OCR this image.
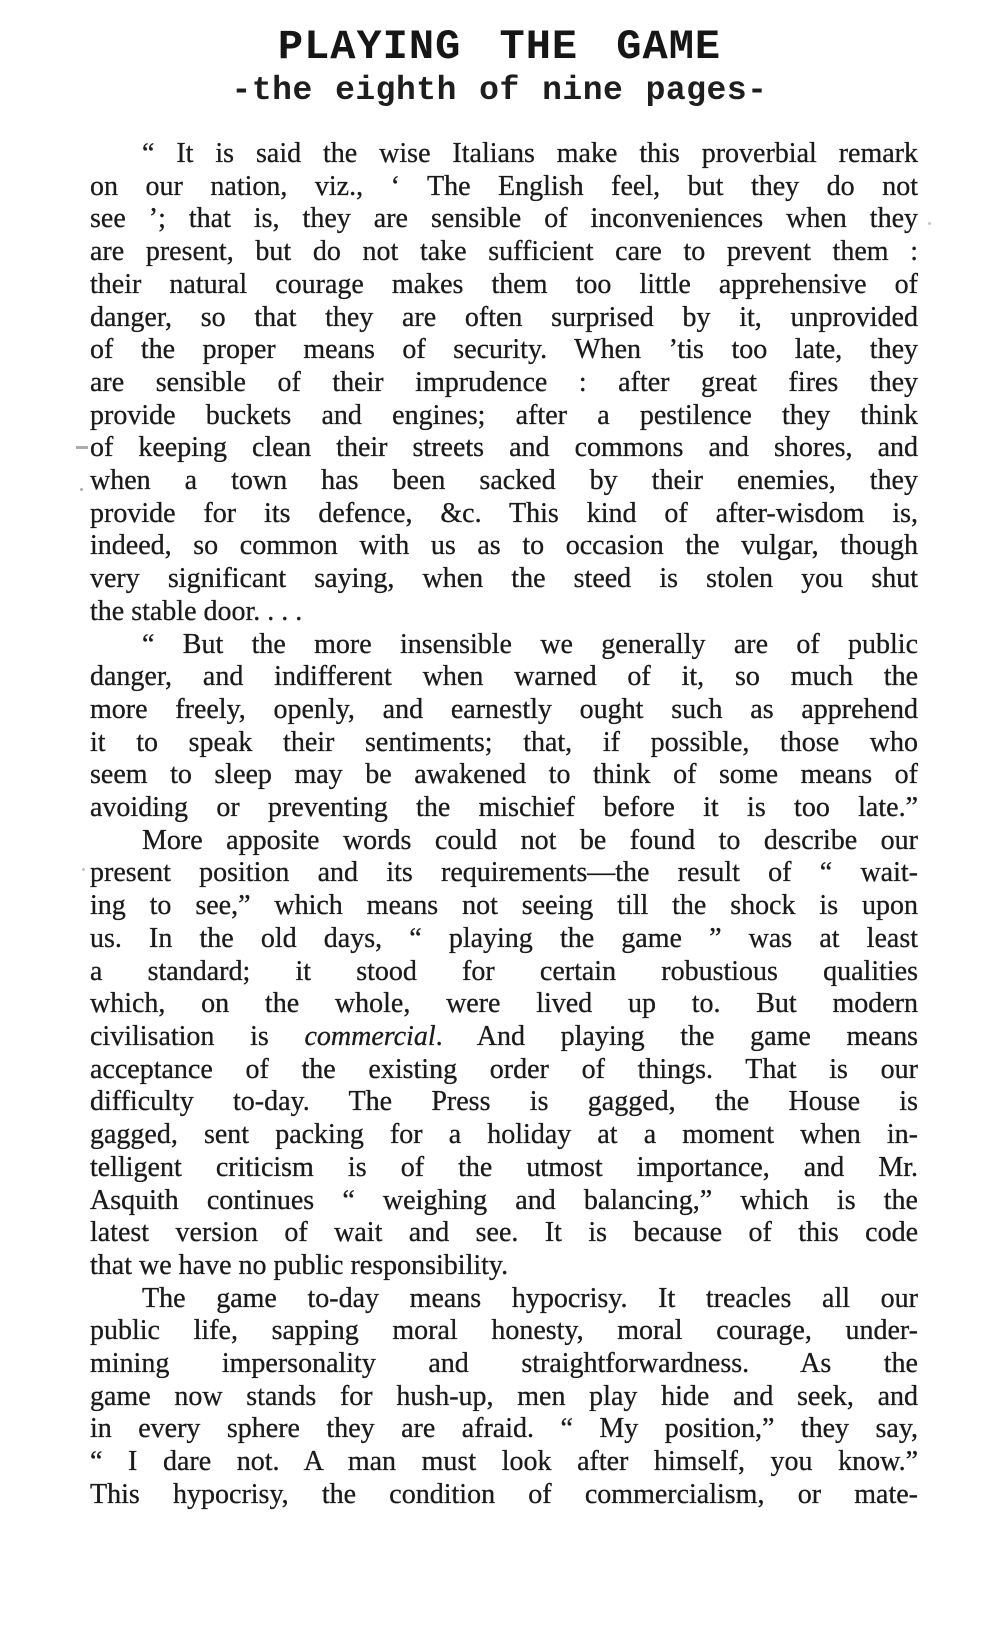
PLAYING THE GAME
-the eighth of nine pages-
“ It is said the wise Italians make this proverbial remark
on our nation, viz., ‘ The English feel, but they do not
see ’; that is, they are sensible of inconveniences when they
are present, but do not take sufficient care to prevent them :
their natural courage makes them too little apprehensive of
danger, so that they are often surprised by it, unprovided
of the proper means of security. When ’tis too late, they
are sensible of their imprudence : after great fires they
provide buckets and engines; after a pestilence they think
of keeping clean their streets and commons and shores, and
when a town has been sacked by their enemies, they
provide for its defence, &c. This kind of after-wisdom is,
indeed, so common with us as to occasion the vulgar, though
very significant saying, when the steed is stolen you shut
the stable door. . . .
“ But the more insensible we generally are of public
danger, and indifferent when warned of it, so much the
more freely, openly, and earnestly ought such as apprehend
it to speak their sentiments; that, if possible, those who
seem to sleep may be awakened to think of some means of
avoiding or preventing the mischief before it is too late.”
More apposite words could not be found to describe our
present position and its requirements—the result of “ wait-
ing to see,” which means not seeing till the shock is upon
us. In the old days, “ playing the game ” was at least
a standard; it stood for certain robustious qualities
which, on the whole, were lived up to. But modern
civilisation is commercial. And playing the game means
acceptance of the existing order of things. That is our
difficulty to-day. The Press is gagged, the House is
gagged, sent packing for a holiday at a moment when in-
telligent criticism is of the utmost importance, and Mr.
Asquith continues “ weighing and balancing,” which is the
latest version of wait and see. It is because of this code
that we have no public responsibility.
The game to-day means hypocrisy. It treacles all our
public life, sapping moral honesty, moral courage, under-
mining impersonality and straightforwardness. As the
game now stands for hush-up, men play hide and seek, and
in every sphere they are afraid. “ My position,” they say,
“ I dare not. A man must look after himself, you know.”
This hypocrisy, the condition of commercialism, or mate-
